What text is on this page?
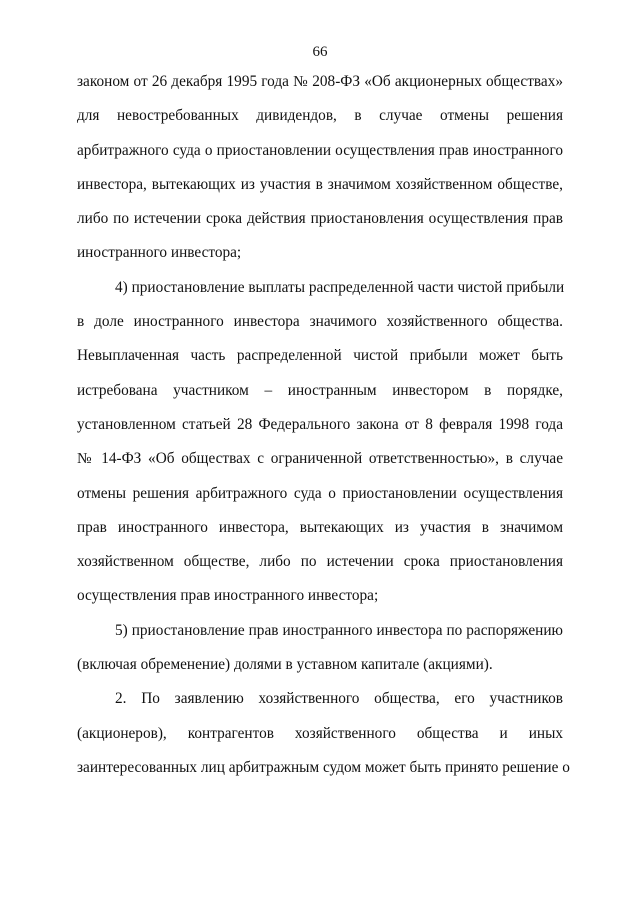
66
законом от 26 декабря 1995 года № 208-ФЗ «Об акционерных обществах»
для невостребованных дивидендов, в случае отмены решения
арбитражного суда о приостановлении осуществления прав иностранного
инвестора, вытекающих из участия в значимом хозяйственном обществе,
либо по истечении срока действия приостановления осуществления прав
иностранного инвестора;
4) приостановление выплаты распределенной части чистой прибыли
в доле иностранного инвестора значимого хозяйственного общества.
Невыплаченная часть распределенной чистой прибыли может быть
истребована участником – иностранным инвестором в порядке,
установленном статьей 28 Федерального закона от 8 февраля 1998 года
№ 14-ФЗ «Об обществах с ограниченной ответственностью», в случае
отмены решения арбитражного суда о приостановлении осуществления
прав иностранного инвестора, вытекающих из участия в значимом
хозяйственном обществе, либо по истечении срока приостановления
осуществления прав иностранного инвестора;
5) приостановление прав иностранного инвестора по распоряжению
(включая обременение) долями в уставном капитале (акциями).
2. По заявлению хозяйственного общества, его участников
(акционеров), контрагентов хозяйственного общества и иных
заинтересованных лиц арбитражным судом может быть принято решение о
